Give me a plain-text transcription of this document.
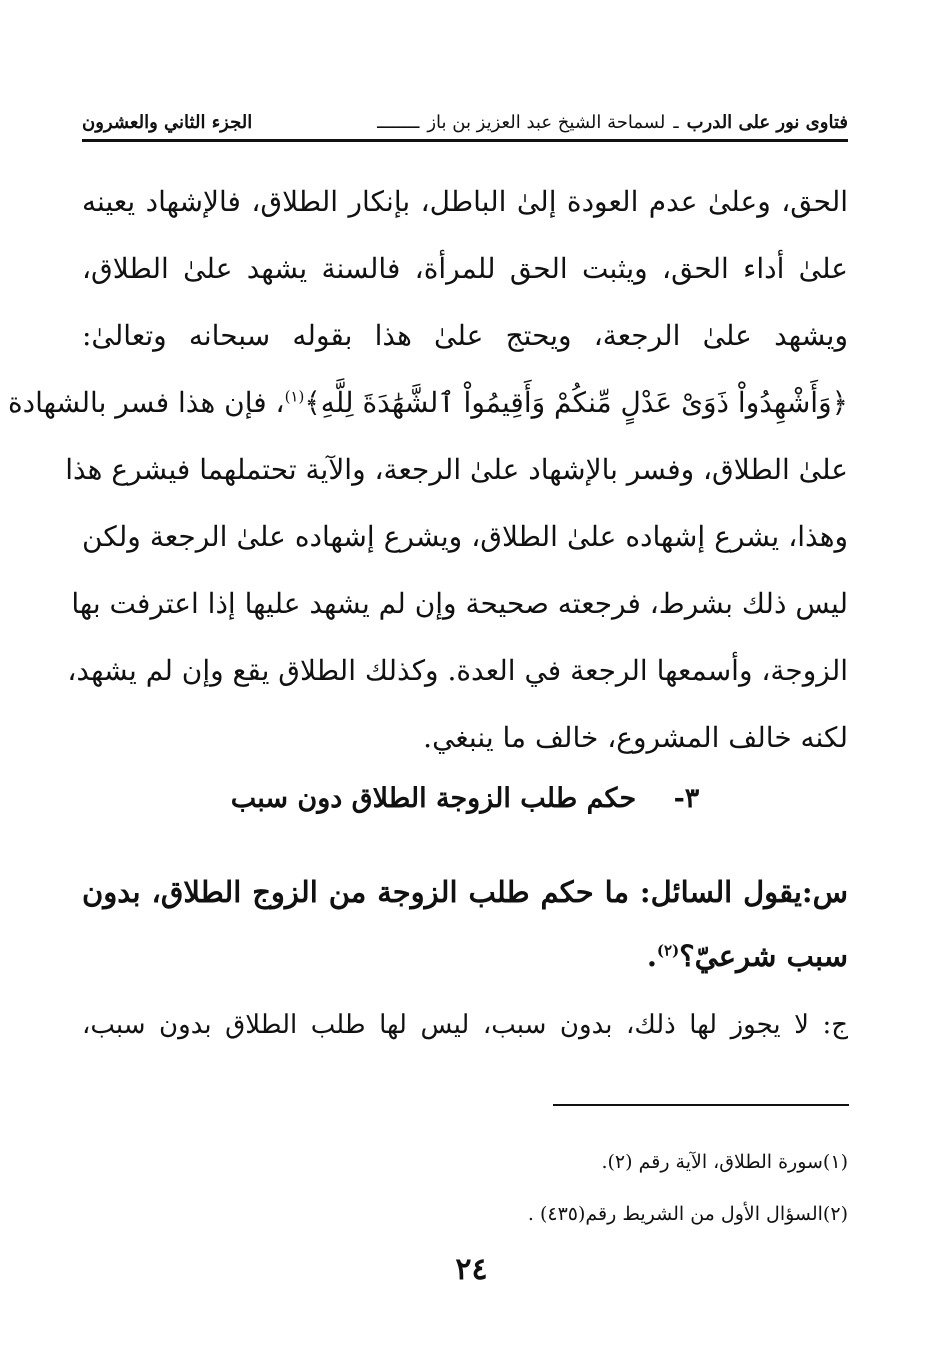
فتاوى نور على الدرب
ـ
لسماحة الشيخ عبد العزيز بن باز
ــــــــ
الجزء الثاني والعشرون
الحق، وعلىٰ عدم العودة إلىٰ الباطل، بإنكار الطلاق، فالإشهاد يعينه
علىٰ أداء الحق، ويثبت الحق للمرأة، فالسنة يشهد علىٰ الطلاق،
ويشهد علىٰ الرجعة، ويحتج علىٰ هذا بقوله سبحانه وتعالىٰ:
﴿وَأَشْهِدُواْ ذَوَىْ عَدْلٍ مِّنكُمْ وَأَقِيمُواْ ٱلشَّهَٰدَةَ لِلَّهِ﴾$^{(١)}$، فإن هذا فسر بالشهادة
علىٰ الطلاق، وفسر بالإشهاد علىٰ الرجعة، والآية تحتملهما فيشرع هذا
وهذا، يشرع إشهاده علىٰ الطلاق، ويشرع إشهاده علىٰ الرجعة ولكن
ليس ذلك بشرط، فرجعته صحيحة وإن لم يشهد عليها إذا اعترفت بها
الزوجة، وأسمعها الرجعة في العدة. وكذلك الطلاق يقع وإن لم يشهد،
لكنه خالف المشروع، خالف ما ينبغي.
٣- حكم طلب الزوجة الطلاق دون سبب
س:يقول السائل: ما حكم طلب الزوجة من الزوج الطلاق، بدون
سبب شرعيّ؟$^{(٢)}$.
ج: لا يجوز لها ذلك، بدون سبب، ليس لها طلب الطلاق بدون سبب،
(١)سورة الطلاق، الآية رقم (٢).
(٢)السؤال الأول من الشريط رقم(٤٣٥) .
٢٤
